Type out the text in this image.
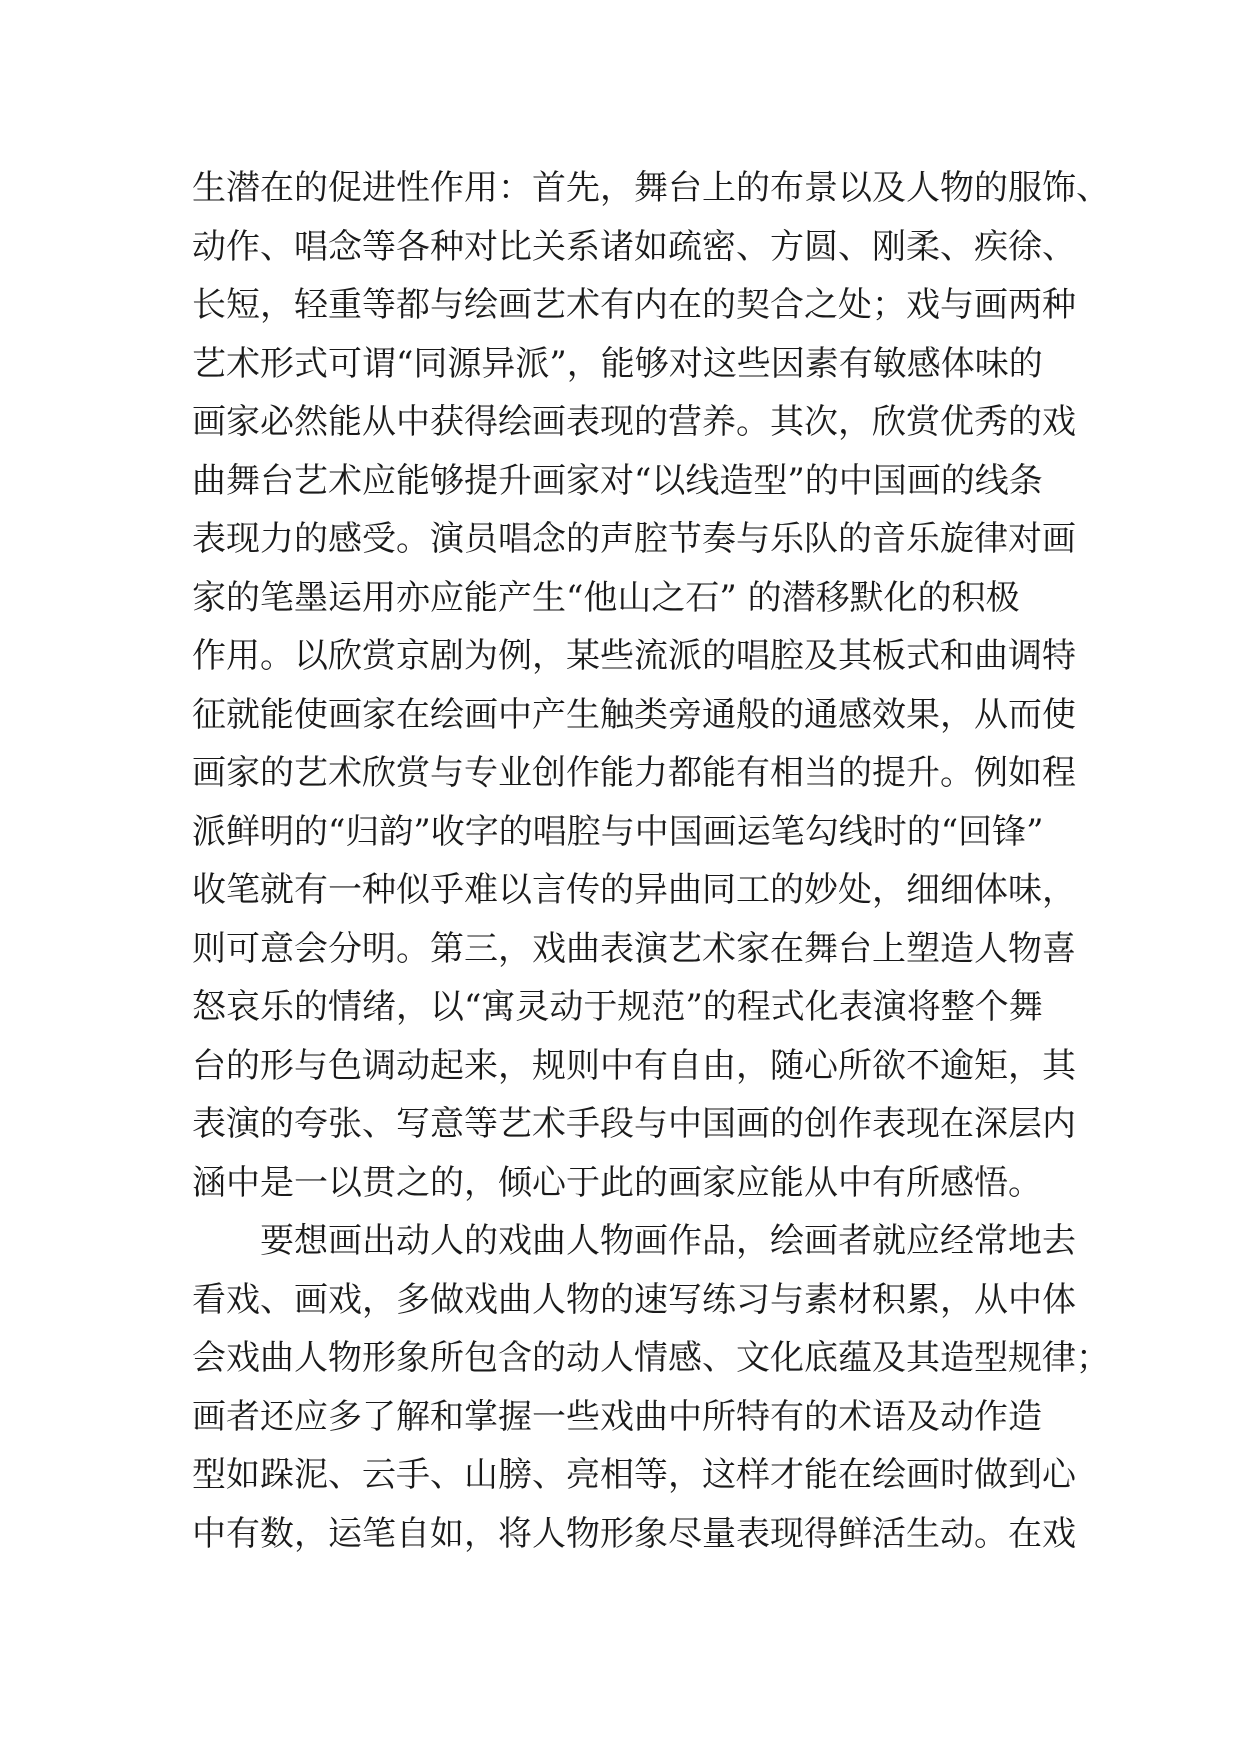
生潜在的促进性作用：首先，舞台上的布景以及人物的服饰、
动作、唱念等各种对比关系诸如疏密、方圆、刚柔、疾徐、
长短，轻重等都与绘画艺术有内在的契合之处；戏与画两种
艺术形式可谓“同源异派”，能够对这些因素有敏感体味的
画家必然能从中获得绘画表现的营养。其次，欣赏优秀的戏
曲舞台艺术应能够提升画家对“以线造型”的中国画的线条
表现力的感受。演员唱念的声腔节奏与乐队的音乐旋律对画
家的笔墨运用亦应能产生“他山之石” 的潜移默化的积极
作用。以欣赏京剧为例，某些流派的唱腔及其板式和曲调特
征就能使画家在绘画中产生触类旁通般的通感效果，从而使
画家的艺术欣赏与专业创作能力都能有相当的提升。例如程
派鲜明的“归韵”收字的唱腔与中国画运笔勾线时的“回锋”
收笔就有一种似乎难以言传的异曲同工的妙处，细细体味，
则可意会分明。第三，戏曲表演艺术家在舞台上塑造人物喜
怒哀乐的情绪，以“寓灵动于规范”的程式化表演将整个舞
台的形与色调动起来，规则中有自由，随心所欲不逾矩，其
表演的夸张、写意等艺术手段与中国画的创作表现在深层内
涵中是一以贯之的，倾心于此的画家应能从中有所感悟。
要想画出动人的戏曲人物画作品，绘画者就应经常地去
看戏、画戏，多做戏曲人物的速写练习与素材积累，从中体
会戏曲人物形象所包含的动人情感、文化底蕴及其造型规律；
画者还应多了解和掌握一些戏曲中所特有的术语及动作造
型如跺泥、云手、山膀、亮相等，这样才能在绘画时做到心
中有数，运笔自如，将人物形象尽量表现得鲜活生动。在戏
